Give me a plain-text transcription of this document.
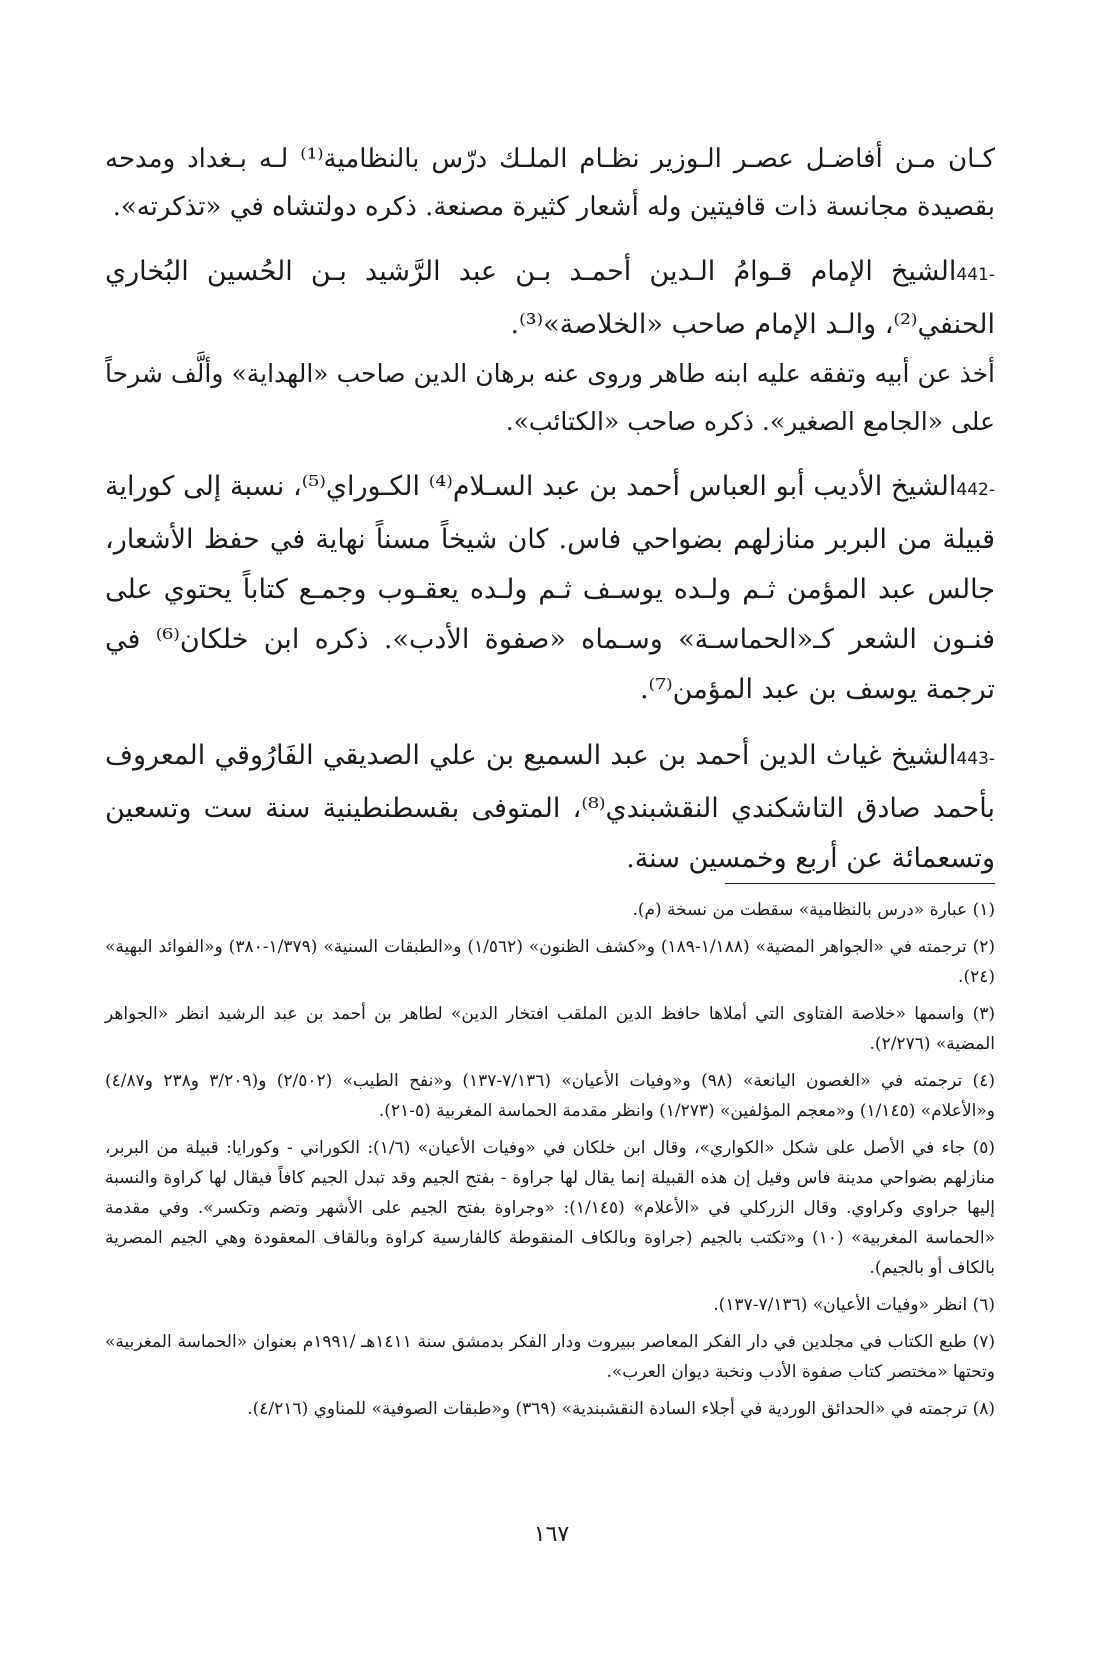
كـان مـن أفاضـل عصـر الـوزير نظـام الملـك درّس بالنظامية⁽¹⁾ لـه بـغداد ومدحه بقصيدة مجانسة ذات قافيتين وله أشعار كثيرة مصنعة. ذكره دولتشاه في «تذكرته».

441-الشيخ الإمام قـوامُ الـدين أحمـد بـن عبد الرَّشيد بـن الحُسين البُخاري الحنفي⁽²⁾، والـد الإمام صاحب «الخلاصة»⁽³⁾.

أخذ عن أبيه وتفقه عليه ابنه طاهر وروى عنه برهان الدين صاحب «الهداية» وألَّف شرحاً على «الجامع الصغير». ذكره صاحب «الكتائب».

442-الشيخ الأديب أبو العباس أحمد بن عبد السـلام⁽⁴⁾ الكـوراي⁽⁵⁾، نسبة إلى كوراية قبيلة من البربر منازلهم بضواحي فاس. كان شيخاً مسناً نهاية في حفظ الأشعار، جالس عبد المؤمن ثـم ولـده يوسـف ثـم ولـده يعقـوب وجمـع كتاباً يحتوي على فنـون الشعر كـ«الحماسـة» وسـماه «صفوة الأدب». ذكره ابن خلكان⁽⁶⁾ في ترجمة يوسف بن عبد المؤمن⁽⁷⁾.

443-الشيخ غياث الدين أحمد بن عبد السميع بن علي الصديقي الفَارُوقي المعروف بأحمد صادق التاشكندي النقشبندي⁽⁸⁾، المتوفى بقسطنطينية سنة ست وتسعين وتسعمائة عن أربع وخمسين سنة.

(١) عبارة «درس بالنظامية» سقطت من نسخة (م).

(٢) ترجمته في «الجواهر المضية» (١/١٨٨-١٨٩) و«كشف الظنون» (١/٥٦٢) و«الطبقات السنية» (١/٣٧٩-٣٨٠) و«الفوائد البهية» (٢٤).

(٣) واسمها «خلاصة الفتاوى التي أملاها حافظ الدين الملقب افتخار الدين» لطاهر بن أحمد بن عبد الرشيد انظر «الجواهر المضية» (٢/٢٧٦).

(٤) ترجمته في «الغصون اليانعة» (٩٨) و«وفيات الأعيان» (٧/١٣٦-١٣٧) و«نفح الطيب» (٢/٥٠٢) و(٣/٢٠٩ و٢٣٨ و٤/٨٧) و«الأعلام» (١/١٤٥) و«معجم المؤلفين» (١/٢٧٣) وانظر مقدمة الحماسة المغربية (٥-٢١).

(٥) جاء في الأصل على شكل «الكواري»، وقال ابن خلكان في «وفيات الأعيان» (١/٦): الكوراني - وكورايا: قبيلة من البربر، منازلهم بضواحي مدينة فاس وقيل إن هذه القبيلة إنما يقال لها جراوة - بفتح الجيم وقد تبدل الجيم كافاً فيقال لها كراوة والنسبة إليها جراوي وكراوي. وقال الزركلي في «الأعلام» (١/١٤٥): «وجراوة بفتح الجيم على الأشهر وتضم وتكسر». وفي مقدمة «الحماسة المغربية» (١٠) و«تكتب بالجيم (جراوة وبالكاف المنقوطة كالفارسية كراوة وبالقاف المعقودة وهي الجيم المصرية بالكاف أو بالجيم).

(٦) انظر «وفيات الأعيان» (٧/١٣٦-١٣٧).

(٧) طبع الكتاب في مجلدين في دار الفكر المعاصر ببيروت ودار الفكر بدمشق سنة ١٤١١هـ /١٩٩١م بعنوان «الحماسة المغربية» وتحتها «مختصر كتاب صفوة الأدب ونخبة ديوان العرب».

(٨) ترجمته في «الحدائق الوردية في أجلاء السادة النقشبندية» (٣٦٩) و«طبقات الصوفية» للمناوي (٤/٢١٦).

١٦٧
